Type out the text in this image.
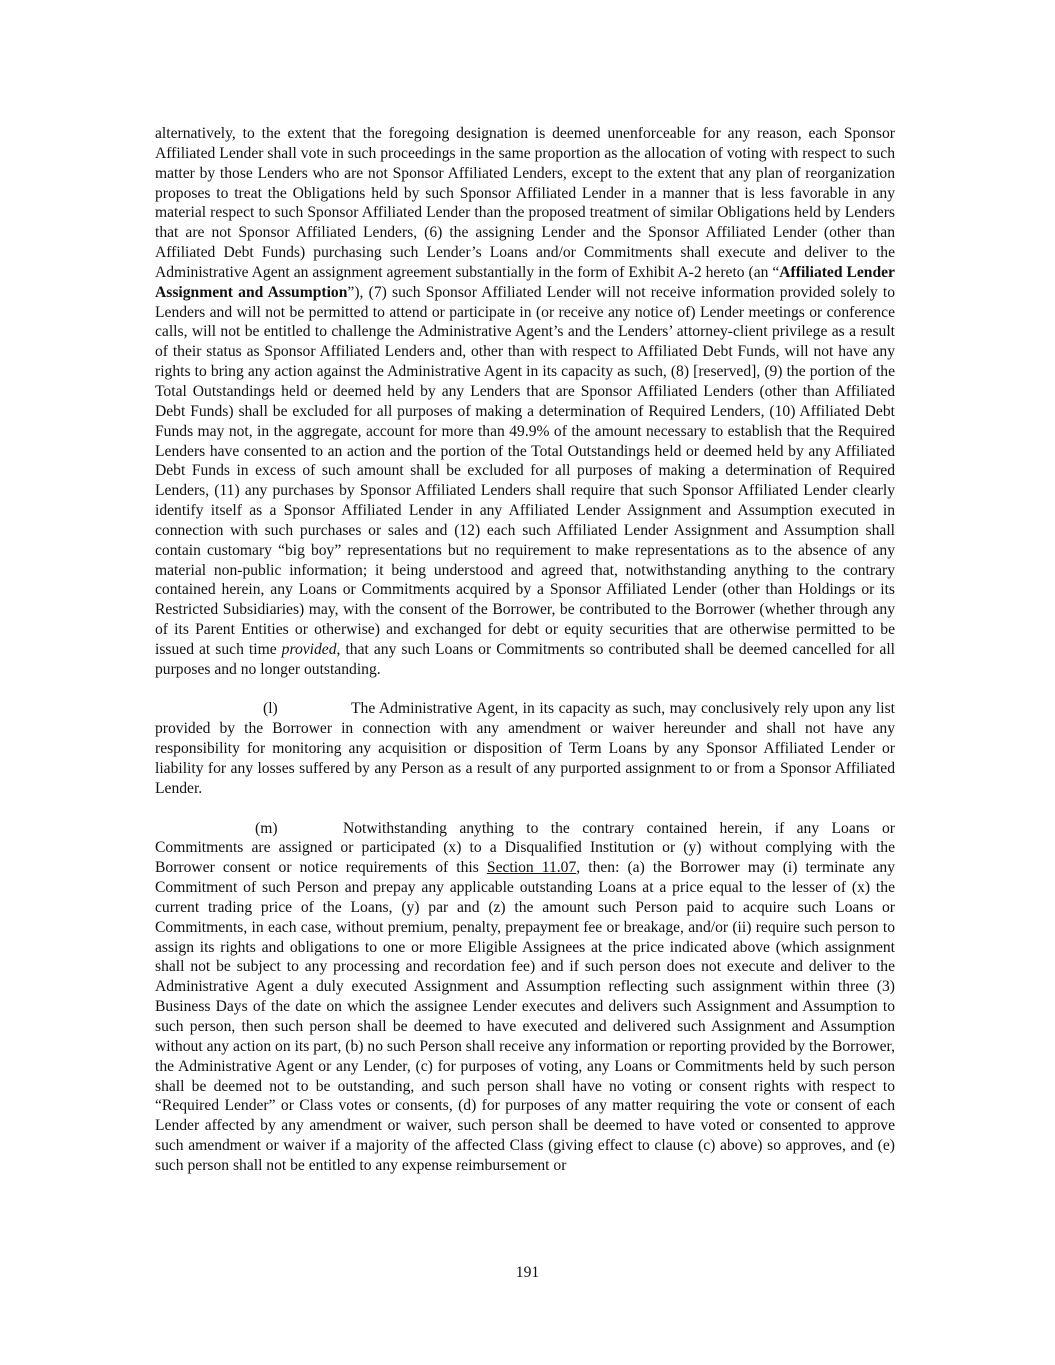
alternatively, to the extent that the foregoing designation is deemed unenforceable for any reason, each Sponsor Affiliated Lender shall vote in such proceedings in the same proportion as the allocation of voting with respect to such matter by those Lenders who are not Sponsor Affiliated Lenders, except to the extent that any plan of reorganization proposes to treat the Obligations held by such Sponsor Affiliated Lender in a manner that is less favorable in any material respect to such Sponsor Affiliated Lender than the proposed treatment of similar Obligations held by Lenders that are not Sponsor Affiliated Lenders, (6) the assigning Lender and the Sponsor Affiliated Lender (other than Affiliated Debt Funds) purchasing such Lender’s Loans and/or Commitments shall execute and deliver to the Administrative Agent an assignment agreement substantially in the form of Exhibit A-2 hereto (an “Affiliated Lender Assignment and Assumption”), (7) such Sponsor Affiliated Lender will not receive information provided solely to Lenders and will not be permitted to attend or participate in (or receive any notice of) Lender meetings or conference calls, will not be entitled to challenge the Administrative Agent’s and the Lenders’ attorney-client privilege as a result of their status as Sponsor Affiliated Lenders and, other than with respect to Affiliated Debt Funds, will not have any rights to bring any action against the Administrative Agent in its capacity as such, (8) [reserved], (9) the portion of the Total Outstandings held or deemed held by any Lenders that are Sponsor Affiliated Lenders (other than Affiliated Debt Funds) shall be excluded for all purposes of making a determination of Required Lenders, (10) Affiliated Debt Funds may not, in the aggregate, account for more than 49.9% of the amount necessary to establish that the Required Lenders have consented to an action and the portion of the Total Outstandings held or deemed held by any Affiliated Debt Funds in excess of such amount shall be excluded for all purposes of making a determination of Required Lenders, (11) any purchases by Sponsor Affiliated Lenders shall require that such Sponsor Affiliated Lender clearly identify itself as a Sponsor Affiliated Lender in any Affiliated Lender Assignment and Assumption executed in connection with such purchases or sales and (12) each such Affiliated Lender Assignment and Assumption shall contain customary “big boy” representations but no requirement to make representations as to the absence of any material non-public information; it being understood and agreed that, notwithstanding anything to the contrary contained herein, any Loans or Commitments acquired by a Sponsor Affiliated Lender (other than Holdings or its Restricted Subsidiaries) may, with the consent of the Borrower, be contributed to the Borrower (whether through any of its Parent Entities or otherwise) and exchanged for debt or equity securities that are otherwise permitted to be issued at such time provided, that any such Loans or Commitments so contributed shall be deemed cancelled for all purposes and no longer outstanding.

(l)	The Administrative Agent, in its capacity as such, may conclusively rely upon any list provided by the Borrower in connection with any amendment or waiver hereunder and shall not have any responsibility for monitoring any acquisition or disposition of Term Loans by any Sponsor Affiliated Lender or liability for any losses suffered by any Person as a result of any purported assignment to or from a Sponsor Affiliated Lender.

(m)	Notwithstanding anything to the contrary contained herein, if any Loans or Commitments are assigned or participated (x) to a Disqualified Institution or (y) without complying with the Borrower consent or notice requirements of this Section 11.07, then: (a) the Borrower may (i) terminate any Commitment of such Person and prepay any applicable outstanding Loans at a price equal to the lesser of (x) the current trading price of the Loans, (y) par and (z) the amount such Person paid to acquire such Loans or Commitments, in each case, without premium, penalty, prepayment fee or breakage, and/or (ii) require such person to assign its rights and obligations to one or more Eligible Assignees at the price indicated above (which assignment shall not be subject to any processing and recordation fee) and if such person does not execute and deliver to the Administrative Agent a duly executed Assignment and Assumption reflecting such assignment within three (3) Business Days of the date on which the assignee Lender executes and delivers such Assignment and Assumption to such person, then such person shall be deemed to have executed and delivered such Assignment and Assumption without any action on its part, (b) no such Person shall receive any information or reporting provided by the Borrower, the Administrative Agent or any Lender, (c) for purposes of voting, any Loans or Commitments held by such person shall be deemed not to be outstanding, and such person shall have no voting or consent rights with respect to “Required Lender” or Class votes or consents, (d) for purposes of any matter requiring the vote or consent of each Lender affected by any amendment or waiver, such person shall be deemed to have voted or consented to approve such amendment or waiver if a majority of the affected Class (giving effect to clause (c) above) so approves, and (e) such person shall not be entitled to any expense reimbursement or

191
